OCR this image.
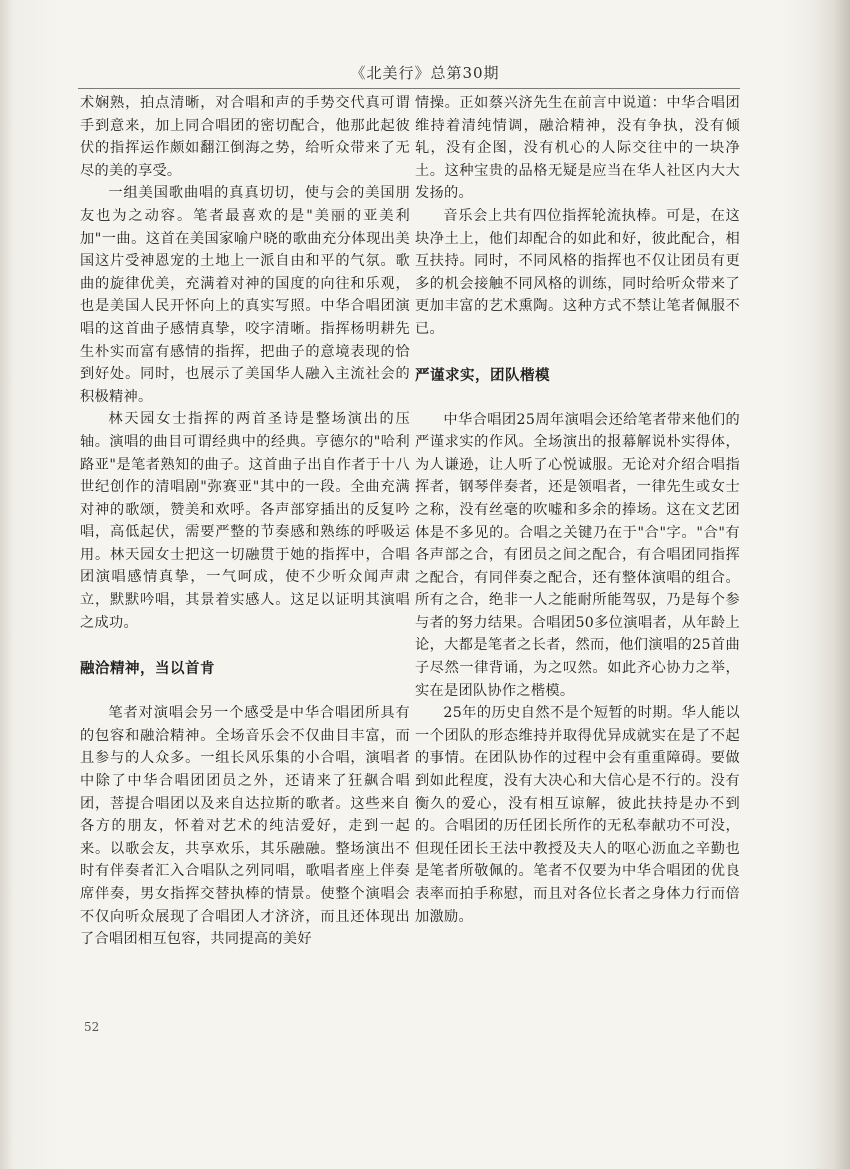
《北美行》总第30期

术娴熟，拍点清晰，对合唱和声的手势交代真可谓手到意来，加上同合唱团的密切配合，他那此起彼伏的指挥运作颇如翻江倒海之势，给听众带来了无尽的美的享受。

一组美国歌曲唱的真真切切，使与会的美国朋友也为之动容。笔者最喜欢的是"美丽的亚美利加"一曲。这首在美国家喻户晓的歌曲充分体现出美国这片受神恩宠的土地上一派自由和平的气氛。歌曲的旋律优美，充满着对神的国度的向往和乐观，也是美国人民开怀向上的真实写照。中华合唱团演唱的这首曲子感情真挚，咬字清晰。指挥杨明耕先生朴实而富有感情的指挥，把曲子的意境表现的恰到好处。同时，也展示了美国华人融入主流社会的积极精神。

林天园女士指挥的两首圣诗是整场演出的压轴。演唱的曲目可谓经典中的经典。亨德尔的"哈利路亚"是笔者熟知的曲子。这首曲子出自作者于十八世纪创作的清唱剧"弥赛亚"其中的一段。全曲充满对神的歌颂，赞美和欢呼。各声部穿插出的反复吟唱，高低起伏，需要严整的节奏感和熟练的呼吸运用。林天园女士把这一切融贯于她的指挥中，合唱团演唱感情真挚，一气呵成，使不少听众闻声肃立，默默吟唱，其景着实感人。这足以证明其演唱之成功。

融洽精神，当以首肯

笔者对演唱会另一个感受是中华合唱团所具有的包容和融洽精神。全场音乐会不仅曲目丰富，而且参与的人众多。一组长风乐集的小合唱，演唱者中除了中华合唱团团员之外，还请来了狂飙合唱团，菩提合唱团以及来自达拉斯的歌者。这些来自各方的朋友，怀着对艺术的纯洁爱好，走到一起来。以歌会友，共享欢乐，其乐融融。整场演出不时有伴奏者汇入合唱队之列同唱，歌唱者座上伴奏席伴奏，男女指挥交替执棒的情景。使整个演唱会不仅向听众展现了合唱团人才济济，而且还体现出了合唱团相互包容，共同提高的美好

情操。正如蔡兴济先生在前言中说道：中华合唱团维持着清纯情调，融洽精神，没有争执，没有倾轧，没有企图，没有机心的人际交往中的一块净土。这种宝贵的品格无疑是应当在华人社区内大大发扬的。

音乐会上共有四位指挥轮流执棒。可是，在这块净土上，他们却配合的如此和好，彼此配合，相互扶持。同时，不同风格的指挥也不仅让团员有更多的机会接触不同风格的训练，同时给听众带来了更加丰富的艺术熏陶。这种方式不禁让笔者佩服不已。

严谨求实，团队楷模

中华合唱团25周年演唱会还给笔者带来他们的严谨求实的作风。全场演出的报幕解说朴实得体，为人谦逊，让人听了心悦诚服。无论对介绍合唱指挥者，钢琴伴奏者，还是领唱者，一律先生或女士之称，没有丝毫的吹嘘和多余的捧场。这在文艺团体是不多见的。合唱之关键乃在于"合"字。"合"有各声部之合，有团员之间之配合，有合唱团同指挥之配合，有同伴奏之配合，还有整体演唱的组合。所有之合，绝非一人之能耐所能驾驭，乃是每个参与者的努力结果。合唱团50多位演唱者，从年龄上论，大都是笔者之长者，然而，他们演唱的25首曲子尽然一律背诵，为之叹然。如此齐心协力之举，实在是团队协作之楷模。

25年的历史自然不是个短暂的时期。华人能以一个团队的形态维持并取得优异成就实在是了不起的事情。在团队协作的过程中会有重重障碍。要做到如此程度，没有大决心和大信心是不行的。没有衡久的爱心，没有相互谅解，彼此扶持是办不到的。合唱团的历任团长所作的无私奉献功不可没，但现任团长王法中教授及夫人的呕心沥血之辛勤也是笔者所敬佩的。笔者不仅要为中华合唱团的优良表率而拍手称慰，而且对各位长者之身体力行而倍加激励。

52
